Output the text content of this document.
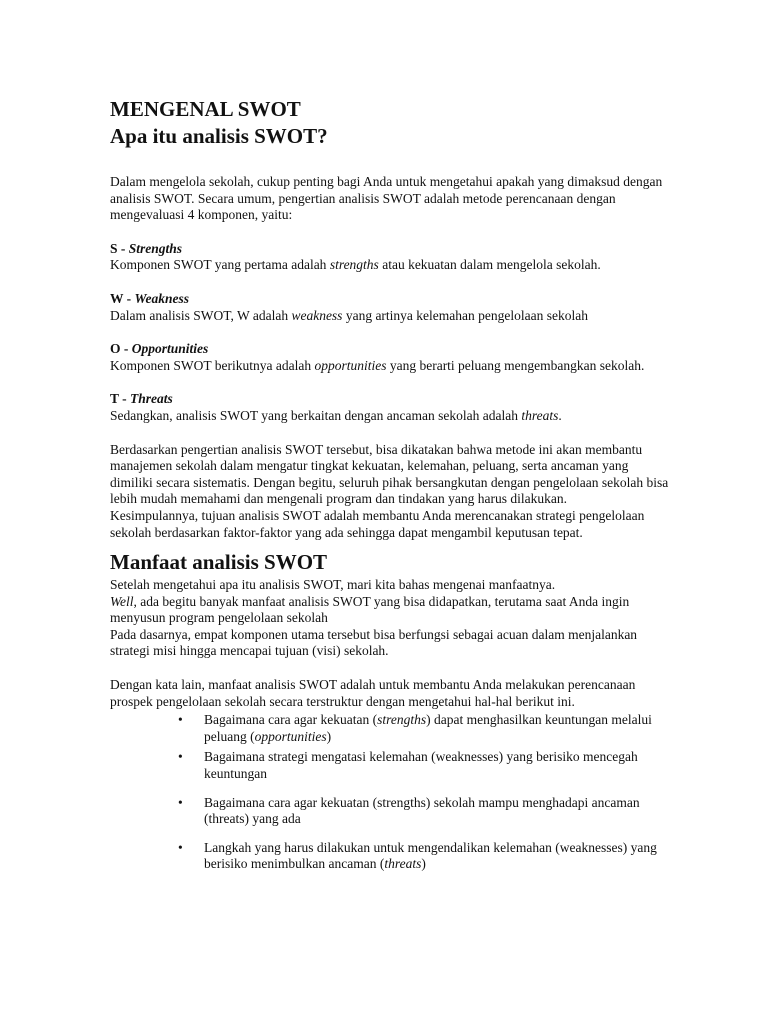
MENGENAL SWOT
Apa itu analisis SWOT?

Dalam mengelola sekolah, cukup penting bagi Anda untuk mengetahui apakah yang dimaksud dengan analisis SWOT. Secara umum, pengertian analisis SWOT adalah metode perencanaan dengan mengevaluasi 4 komponen, yaitu:

S - Strengths

Komponen SWOT yang pertama adalah strengths atau kekuatan dalam mengelola sekolah.

W - Weakness

Dalam analisis SWOT, W adalah weakness yang artinya kelemahan pengelolaan sekolah

O - Opportunities

Komponen SWOT berikutnya adalah opportunities yang berarti peluang mengembangkan sekolah.

T - Threats

Sedangkan, analisis SWOT yang berkaitan dengan ancaman sekolah adalah threats.

Berdasarkan pengertian analisis SWOT tersebut, bisa dikatakan bahwa metode ini akan membantu manajemen sekolah dalam mengatur tingkat kekuatan, kelemahan, peluang, serta ancaman yang dimiliki secara sistematis. Dengan begitu, seluruh pihak bersangkutan dengan pengelolaan sekolah bisa lebih mudah memahami dan mengenali program dan tindakan yang harus dilakukan.

Kesimpulannya, tujuan analisis SWOT adalah membantu Anda merencanakan strategi pengelolaan sekolah berdasarkan faktor-faktor yang ada sehingga dapat mengambil keputusan tepat.

Manfaat analisis SWOT

Setelah mengetahui apa itu analisis SWOT, mari kita bahas mengenai manfaatnya.
Well, ada begitu banyak manfaat analisis SWOT yang bisa didapatkan, terutama saat Anda ingin menyusun program pengelolaan sekolah

Pada dasarnya, empat komponen utama tersebut bisa berfungsi sebagai acuan dalam menjalankan strategi misi hingga mencapai tujuan (visi) sekolah.

Dengan kata lain, manfaat analisis SWOT adalah untuk membantu Anda melakukan perencanaan prospek pengelolaan sekolah secara terstruktur dengan mengetahui hal-hal berikut ini.

• Bagaimana cara agar kekuatan (strengths) dapat menghasilkan keuntungan melalui peluang (opportunities)
• Bagaimana strategi mengatasi kelemahan (weaknesses) yang berisiko mencegah keuntungan
• Bagaimana cara agar kekuatan (strengths) sekolah mampu menghadapi ancaman (threats) yang ada
• Langkah yang harus dilakukan untuk mengendalikan kelemahan (weaknesses) yang berisiko menimbulkan ancaman (threats)
